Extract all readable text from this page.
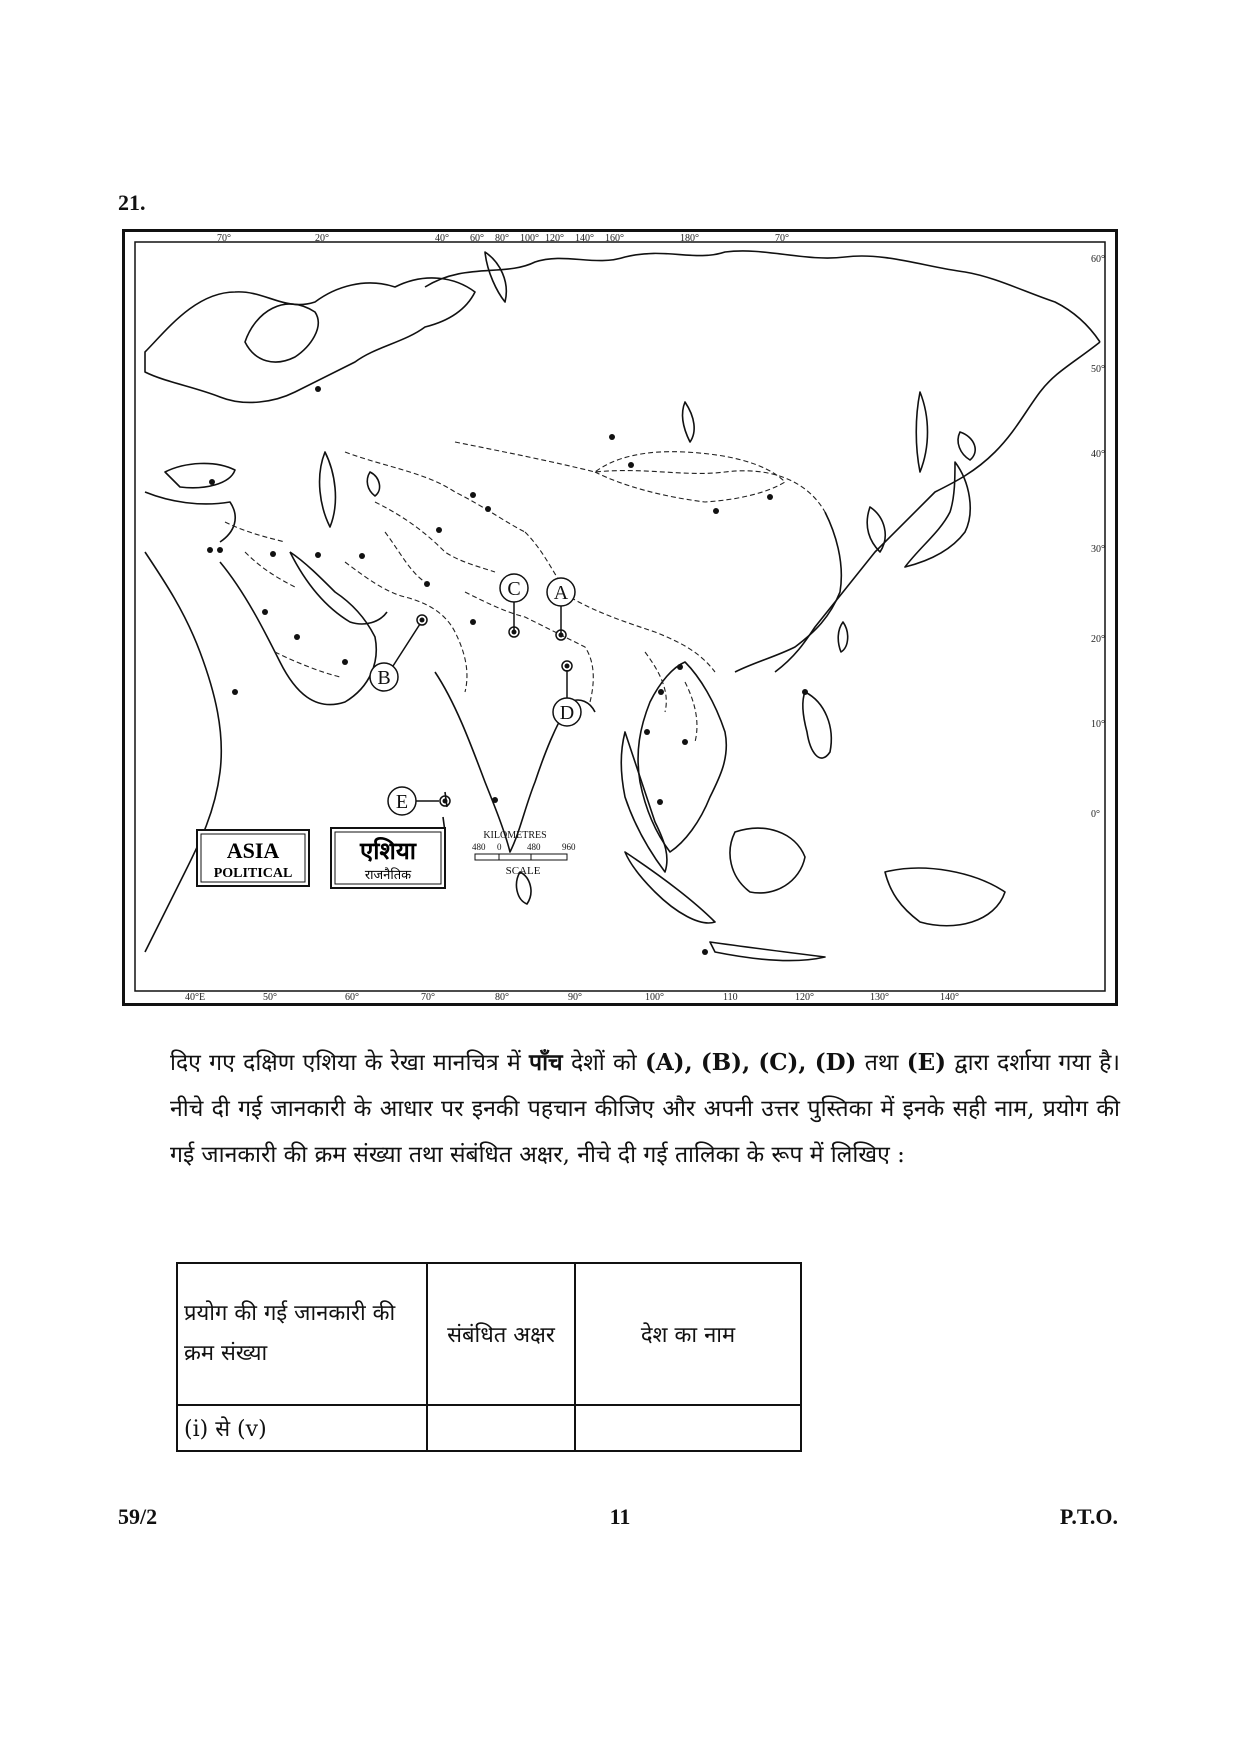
21.
70°	20°	40° 60° 80° 100° 120° 140° 160°	180°	70°
40°E	50°	60°	70°	80°	90°	100°	110	120°	130°	140°
60°
50°
40°
30°
20°
10°
0°
A
C
B
D
E
ASIA
POLITICAL
एशिया
राजनैतिक
KILOMETRES
480 0	480 960
SCALE
दिए गए दक्षिण एशिया के रेखा मानचित्र में पाँच देशों को (A), (B), (C), (D) तथा (E) द्वारा दर्शाया गया है। नीचे दी गई जानकारी के आधार पर इनकी पहचान कीजिए और अपनी उत्तर पुस्तिका में इनके सही नाम, प्रयोग की गई जानकारी की क्रम संख्या तथा संबंधित अक्षर, नीचे दी गई तालिका के रूप में लिखिए :
प्रयोग की गई जानकारी की क्रम संख्या	संबंधित अक्षर	देश का नाम
(i) से (v)		
59/2	11	P.T.O.
